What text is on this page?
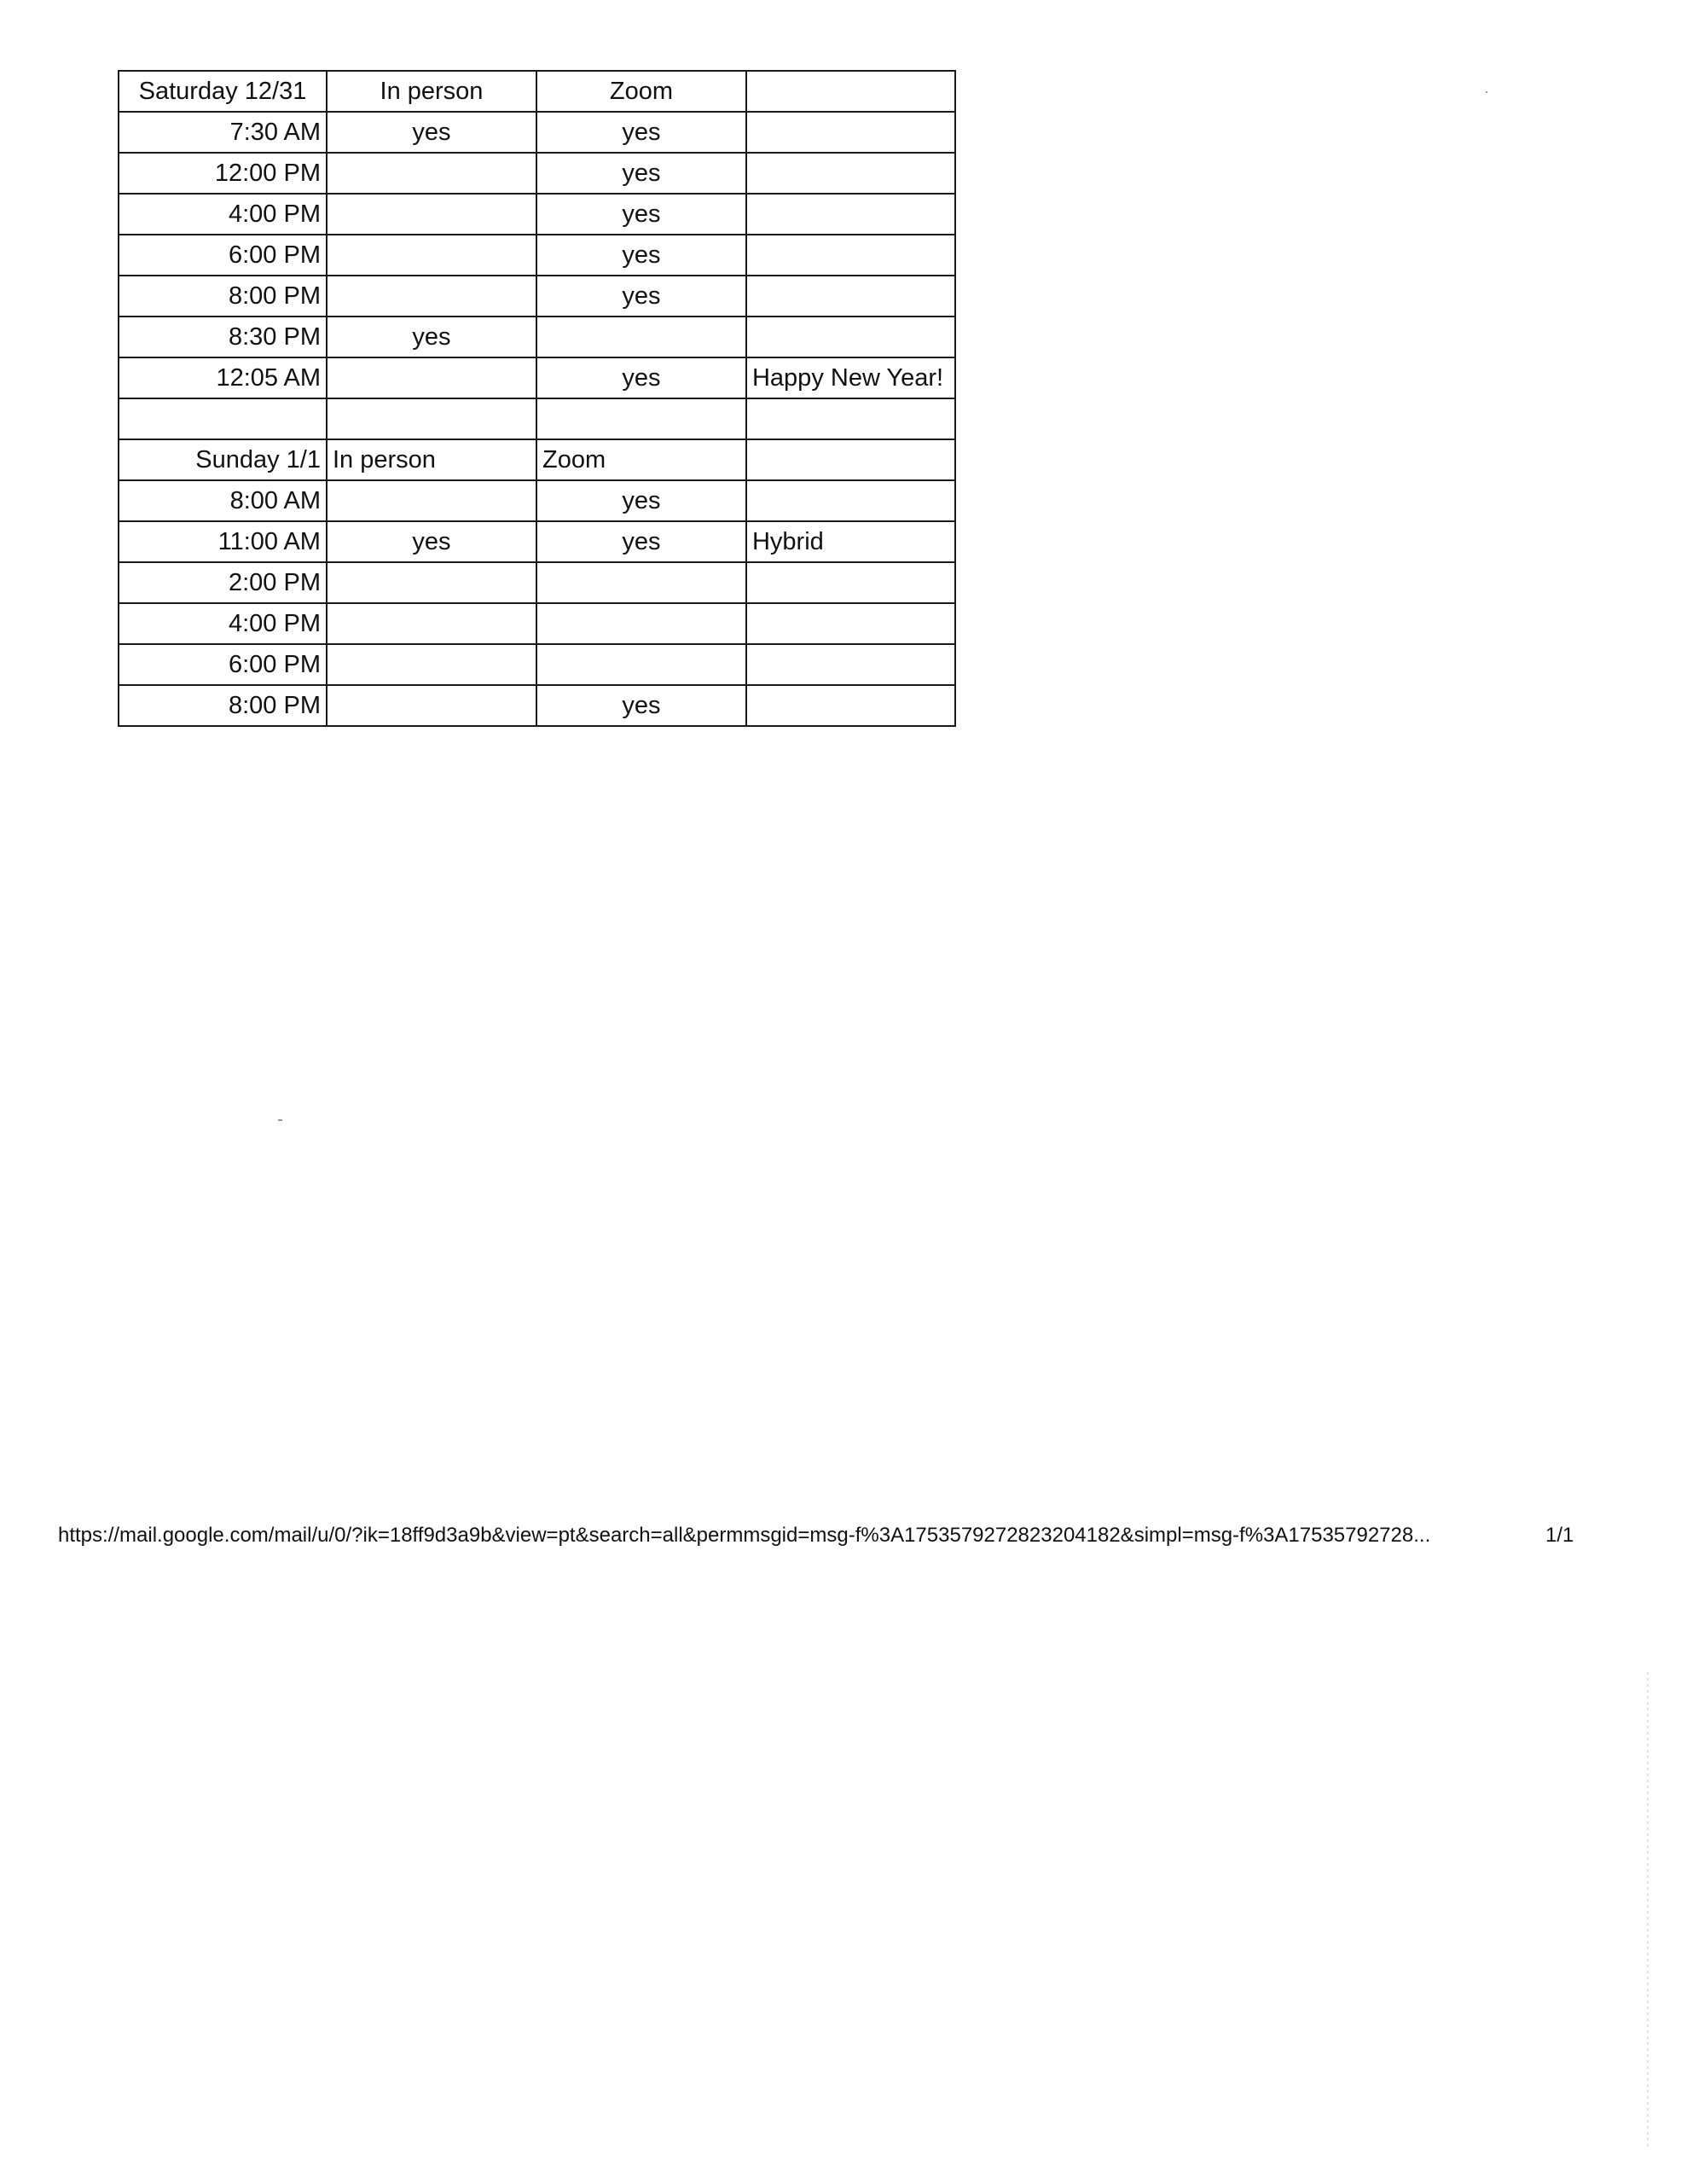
Saturday 12/31	In person	Zoom	
7:30 AM	yes	yes	
12:00 PM		yes	
4:00 PM		yes	
6:00 PM		yes	
8:00 PM		yes	
8:30 PM	yes		
12:05 AM		yes	Happy New Year!

Sunday 1/1	In person	Zoom	
8:00 AM		yes	
11:00 AM	yes	yes	Hybrid
2:00 PM			
4:00 PM			
6:00 PM			
8:00 PM		yes	
https://mail.google.com/mail/u/0/?ik=18ff9d3a9b&view=pt&search=all&permmsgid=msg-f%3A1753579272823204182&simpl=msg-f%3A17535792728...	1/1
